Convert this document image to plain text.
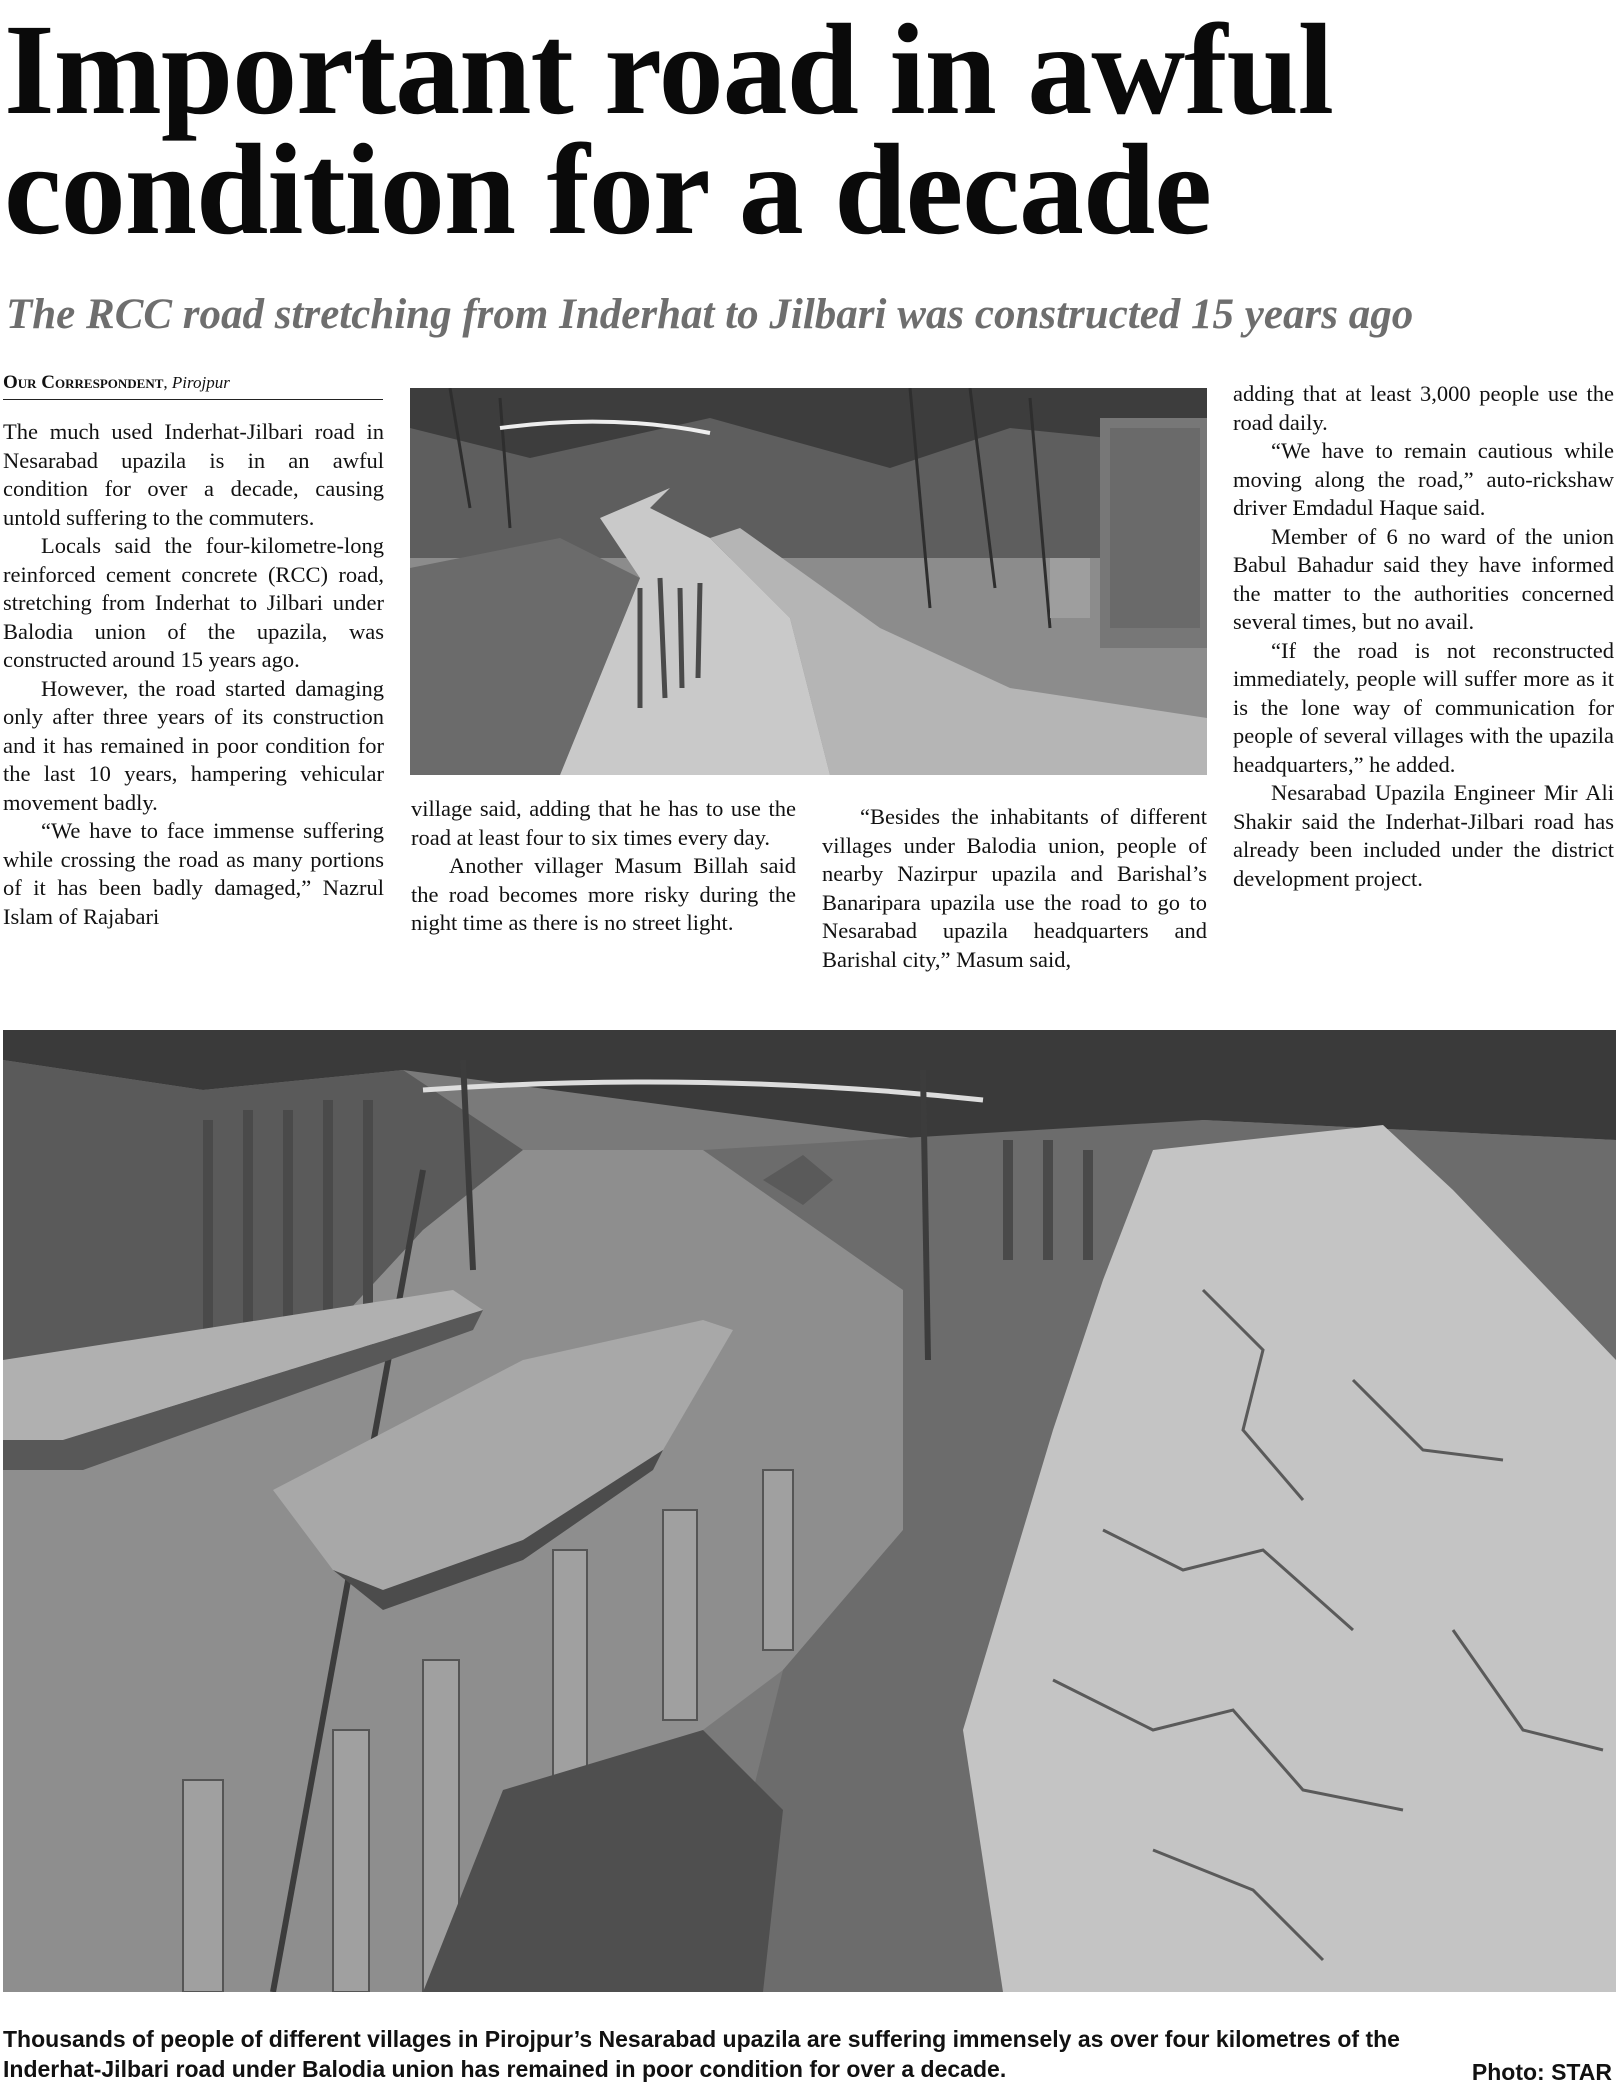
Important road in awful condition for a decade
The RCC road stretching from Inderhat to Jilbari was constructed 15 years ago
Our Correspondent, Pirojpur

The much used Inderhat-Jilbari road in Nesarabad upazila is in an awful condition for over a decade, causing untold suffering to the commuters.

Locals said the four-kilometre-long reinforced cement concrete (RCC) road, stretching from Inderhat to Jilbari under Balodia union of the upazila, was constructed around 15 years ago.

However, the road started damaging only after three years of its construction and it has remained in poor condition for the last 10 years, hampering vehicular movement badly.

“We have to face immense suffering while crossing the road as many portions of it has been badly damaged,” Nazrul Islam of Rajabari

village said, adding that he has to use the road at least four to six times every day.

Another villager Masum Billah said the road becomes more risky during the night time as there is no street light.

“Besides the inhabitants of different villages under Balodia union, people of nearby Nazirpur upazila and Barishal’s Banaripara upazila use the road to go to Nesarabad upazila headquarters and Barishal city,” Masum said,

adding that at least 3,000 people use the road daily.

“We have to remain cautious while moving along the road,” auto-rickshaw driver Emdadul Haque said.

Member of 6 no ward of the union Babul Bahadur said they have informed the matter to the authorities concerned several times, but no avail.

“If the road is not reconstructed immediately, people will suffer more as it is the lone way of communication for people of several villages with the upazila headquarters,” he added.

Nesarabad Upazila Engineer Mir Ali Shakir said the Inderhat-Jilbari road has already been included under the district development project.

Thousands of people of different villages in Pirojpur’s Nesarabad upazila are suffering immensely as over four kilometres of the Inderhat-Jilbari road under Balodia union has remained in poor condition for over a decade.	Photo: STAR
